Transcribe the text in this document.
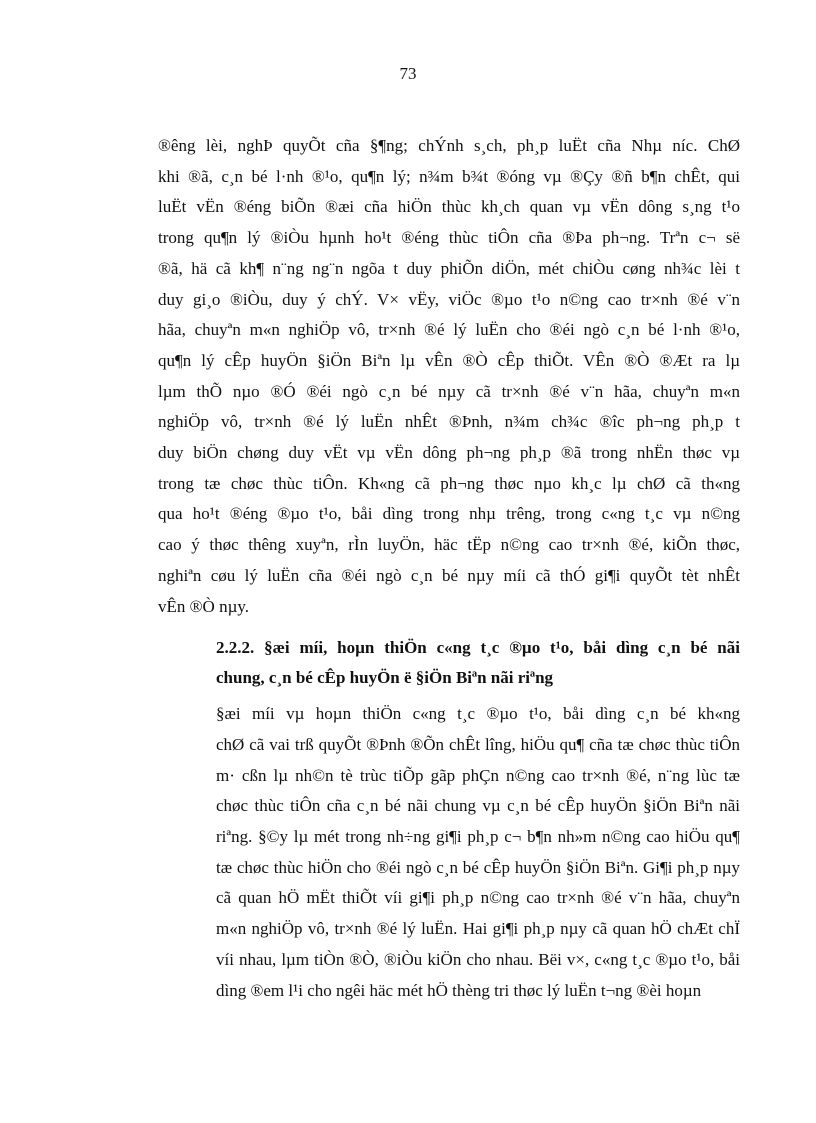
73

®êng lèi, nghÞ quyÕt cña §¶ng; chÝnh s¸ch, ph¸p luËt cña Nhµ níc. ChØ
khi ®ã, c¸n bé l·nh ®¹o, qu¶n lý; n¾m b¾t ®óng vµ ®Çy ®ñ b¶n chÊt, qui
luËt vËn ®éng biÕn ®æi cña hiÖn thùc kh¸ch quan vµ vËn dông s¸ng t¹o
trong qu¶n lý ®iÒu hµnh ho¹t ®éng thùc tiÔn cña ®Þa ph¬ng. Trªn c¬ së
®ã, hä cã kh¶ n¨ng ng¨n ngõa t duy phiÕn diÖn, mét chiÒu cøng nh¾c lèi t
duy gi¸o ®iÒu, duy ý chÝ. V× vËy, viÖc ®µo t¹o n©ng cao tr×nh ®é v¨n
hãa, chuyªn m«n nghiÖp vô, tr×nh ®é lý luËn cho ®éi ngò c¸n bé l·nh ®¹o,
qu¶n lý cÊp huyÖn §iÖn Biªn lµ vÊn ®Ò cÊp thiÕt. VÊn ®Ò ®Æt ra lµ
lµm thÕ nµo ®Ó ®éi ngò c¸n bé nµy cã tr×nh ®é v¨n hãa, chuyªn m«n
nghiÖp vô, tr×nh ®é lý luËn nhÊt ®Þnh, n¾m ch¾c ®îc ph¬ng ph¸p t
duy biÖn chøng duy vËt vµ vËn dông ph¬ng ph¸p ®ã trong nhËn thøc vµ
trong tæ chøc thùc tiÔn. Kh«ng cã ph¬ng thøc nµo kh¸c lµ chØ cã th«ng
qua ho¹t ®éng ®µo t¹o, båi dìng trong nhµ trêng, trong c«ng t¸c vµ n©ng
cao ý thøc thêng xuyªn, rÌn luyÖn, häc tËp n©ng cao tr×nh ®é, kiÕn thøc,
nghiªn cøu lý luËn cña ®éi ngò c¸n bé nµy míi cã thÓ gi¶i quyÕt tèt nhÊt
vÊn ®Ò nµy.

2.2.2. §æi míi, hoµn thiÖn c«ng t¸c ®µo t¹o, båi dìng c¸n bé nãi
chung, c¸n bé cÊp huyÖn ë §iÖn Biªn nãi riªng

§æi míi vµ hoµn thiÖn c«ng t¸c ®µo t¹o, båi dìng c¸n bé kh«ng
chØ cã vai trß quyÕt ®Þnh ®Õn chÊt lîng, hiÖu qu¶ cña tæ chøc thùc tiÔn
m· cßn lµ nh©n tè trùc tiÕp gãp phÇn n©ng cao tr×nh ®é, n¨ng lùc tæ
chøc thùc tiÔn cña c¸n bé nãi chung vµ c¸n bé cÊp huyÖn §iÖn Biªn nãi
riªng. §©y lµ mét trong nh÷ng gi¶i ph¸p c¬ b¶n nh»m n©ng cao hiÖu qu¶
tæ chøc thùc hiÖn cho ®éi ngò c¸n bé cÊp huyÖn §iÖn Biªn. Gi¶i ph¸p nµy
cã quan hÖ mËt thiÕt víi gi¶i ph¸p n©ng cao tr×nh ®é v¨n hãa, chuyªn
m«n nghiÖp vô, tr×nh ®é lý luËn. Hai gi¶i ph¸p nµy cã quan hÖ chÆt chÏ
víi nhau, lµm tiÒn ®Ò, ®iÒu kiÖn cho nhau. Bëi v×, c«ng t¸c ®µo t¹o, båi
dìng ®em l¹i cho ngêi häc mét hÖ thèng tri thøc lý luËn t¬ng ®èi hoµn
